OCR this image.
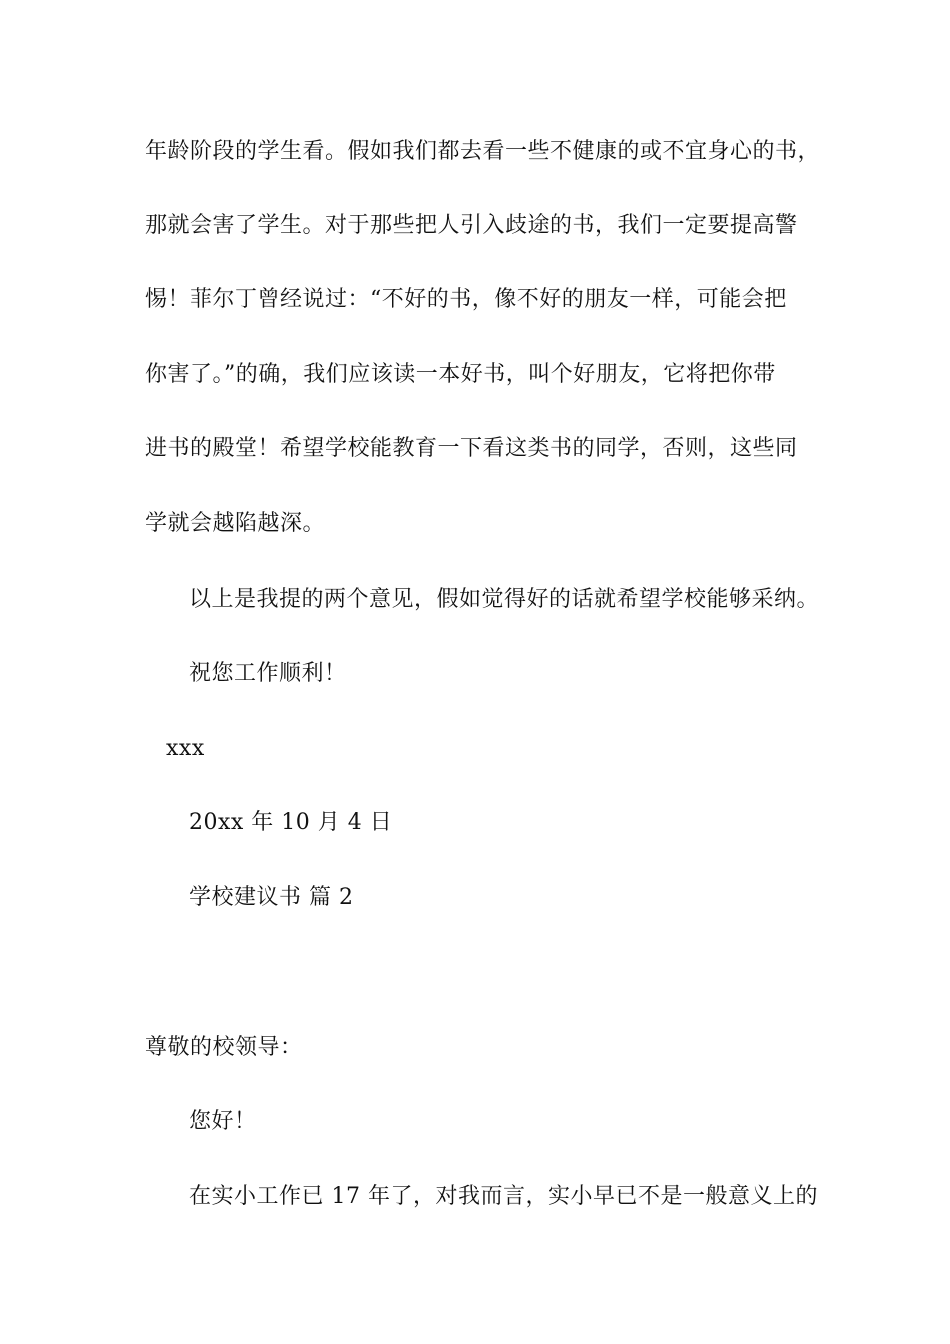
年龄阶段的学生看。假如我们都去看一些不健康的或不宜身心的书，
那就会害了学生。对于那些把人引入歧途的书，我们一定要提高警
惕！菲尔丁曾经说过：“不好的书，像不好的朋友一样，可能会把
你害了。”的确，我们应该读一本好书，叫个好朋友，它将把你带
进书的殿堂！希望学校能教育一下看这类书的同学，否则，这些同
学就会越陷越深。
以上是我提的两个意见，假如觉得好的话就希望学校能够采纳。
祝您工作顺利！
xxx
20xx 年 10 月 4 日
学校建议书 篇 2
尊敬的校领导：
您好！
在实小工作已 17 年了，对我而言，实小早已不是一般意义上的
